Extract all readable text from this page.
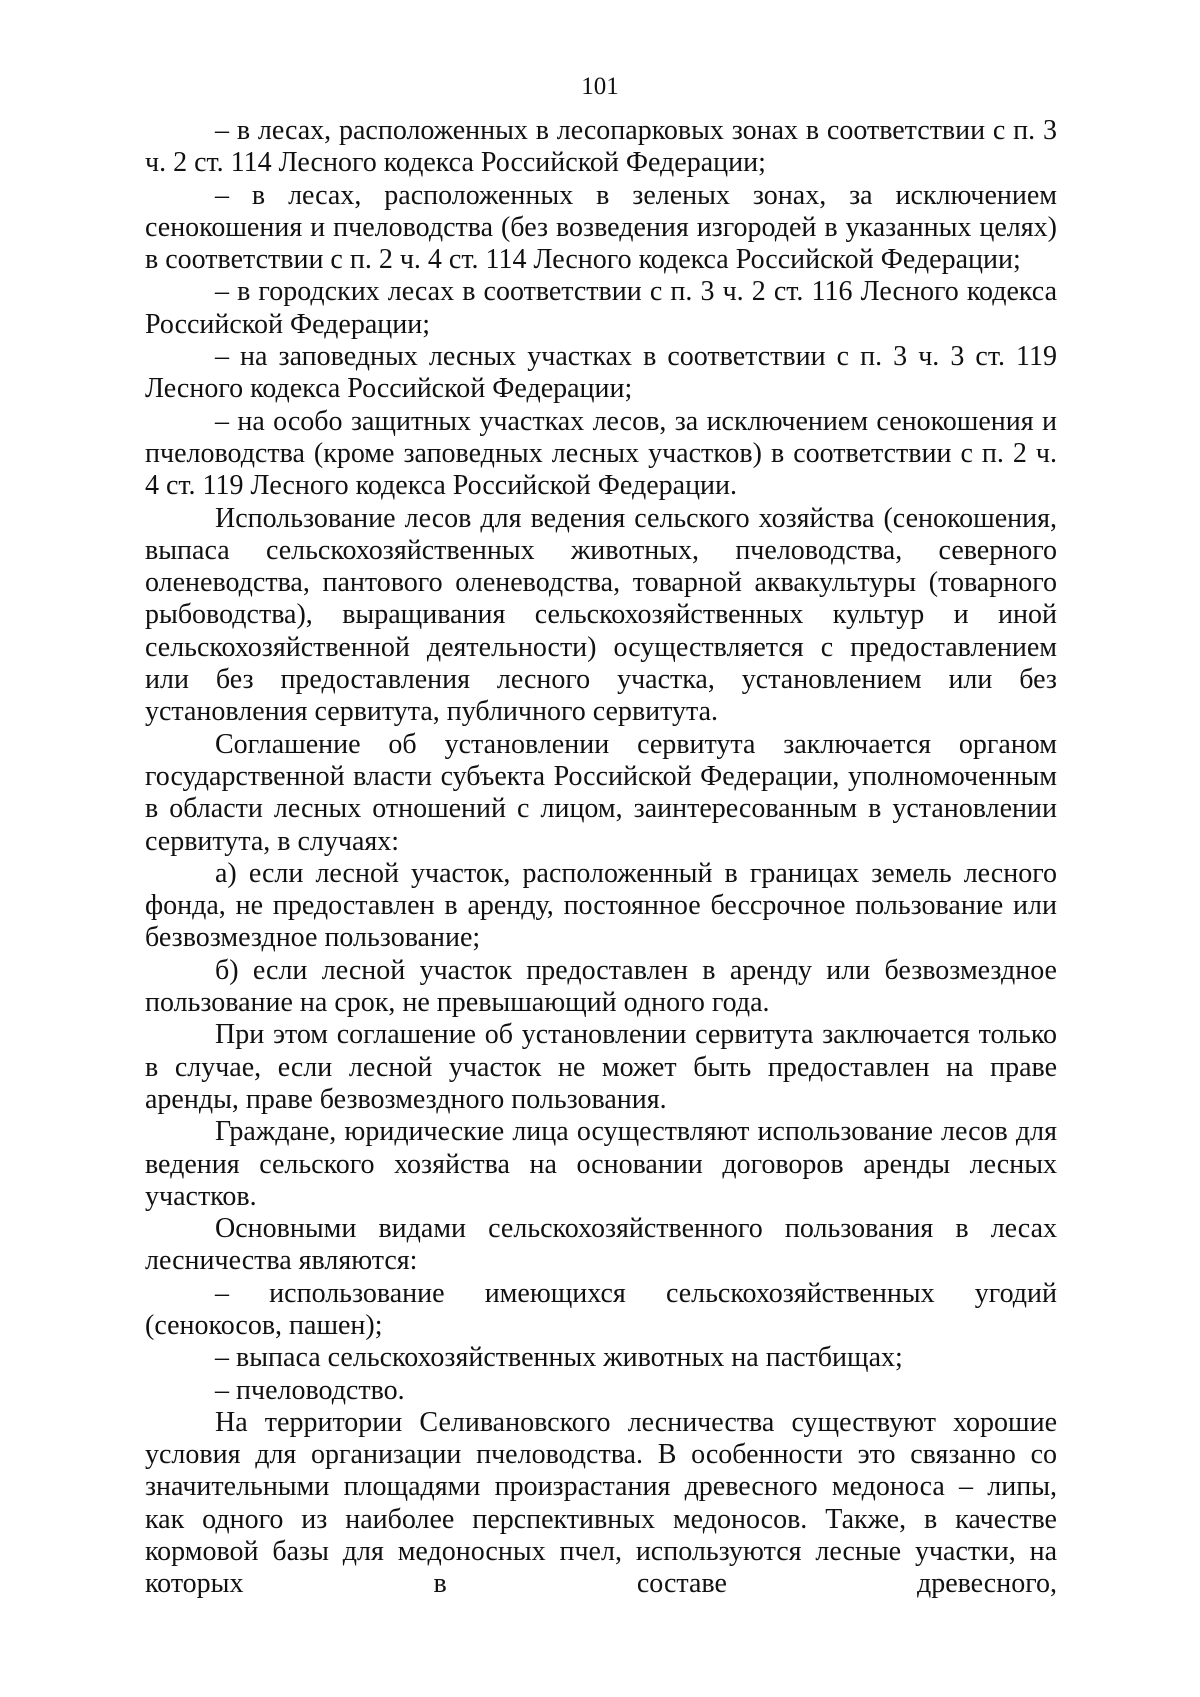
101

– в лесах, расположенных в лесопарковых зонах в соответствии с п. 3 ч. 2 ст. 114 Лесного кодекса Российской Федерации;

– в лесах, расположенных в зеленых зонах, за исключением сенокошения и пчеловодства (без возведения изгородей в указанных целях) в соответствии с п. 2 ч. 4 ст. 114 Лесного кодекса Российской Федерации;

– в городских лесах в соответствии с п. 3 ч. 2 ст. 116 Лесного кодекса Российской Федерации;

– на заповедных лесных участках в соответствии с п. 3 ч. 3 ст. 119 Лесного кодекса Российской Федерации;

– на особо защитных участках лесов, за исключением сенокошения и пчеловодства (кроме заповедных лесных участков) в соответствии с п. 2 ч. 4 ст. 119 Лесного кодекса Российской Федерации.

Использование лесов для ведения сельского хозяйства (сенокошения, выпаса сельскохозяйственных животных, пчеловодства, северного оленеводства, пантового оленеводства, товарной аквакультуры (товарного рыбоводства), выращивания сельскохозяйственных культур и иной сельскохозяйственной деятельности) осуществляется с предоставлением или без предоставления лесного участка, установлением или без установления сервитута, публичного сервитута.

Соглашение об установлении сервитута заключается органом государственной власти субъекта Российской Федерации, уполномоченным в области лесных отношений с лицом, заинтересованным в установлении сервитута, в случаях:

а) если лесной участок, расположенный в границах земель лесного фонда, не предоставлен в аренду, постоянное бессрочное пользование или безвозмездное пользование;

б) если лесной участок предоставлен в аренду или безвозмездное пользование на срок, не превышающий одного года.

При этом соглашение об установлении сервитута заключается только в случае, если лесной участок не может быть предоставлен на праве аренды, праве безвозмездного пользования.

Граждане, юридические лица осуществляют использование лесов для ведения сельского хозяйства на основании договоров аренды лесных участков.

Основными видами сельскохозяйственного пользования в лесах лесничества являются:

– использование имеющихся сельскохозяйственных угодий (сенокосов, пашен);

– выпаса сельскохозяйственных животных на пастбищах;

– пчеловодство.

На территории Селивановского лесничества существуют хорошие условия для организации пчеловодства. В особенности это связанно со значительными площадями произрастания древесного медоноса – липы, как одного из наиболее перспективных медоносов. Также, в качестве кормовой базы для медоносных пчел, используются лесные участки, на которых в составе древесного,
